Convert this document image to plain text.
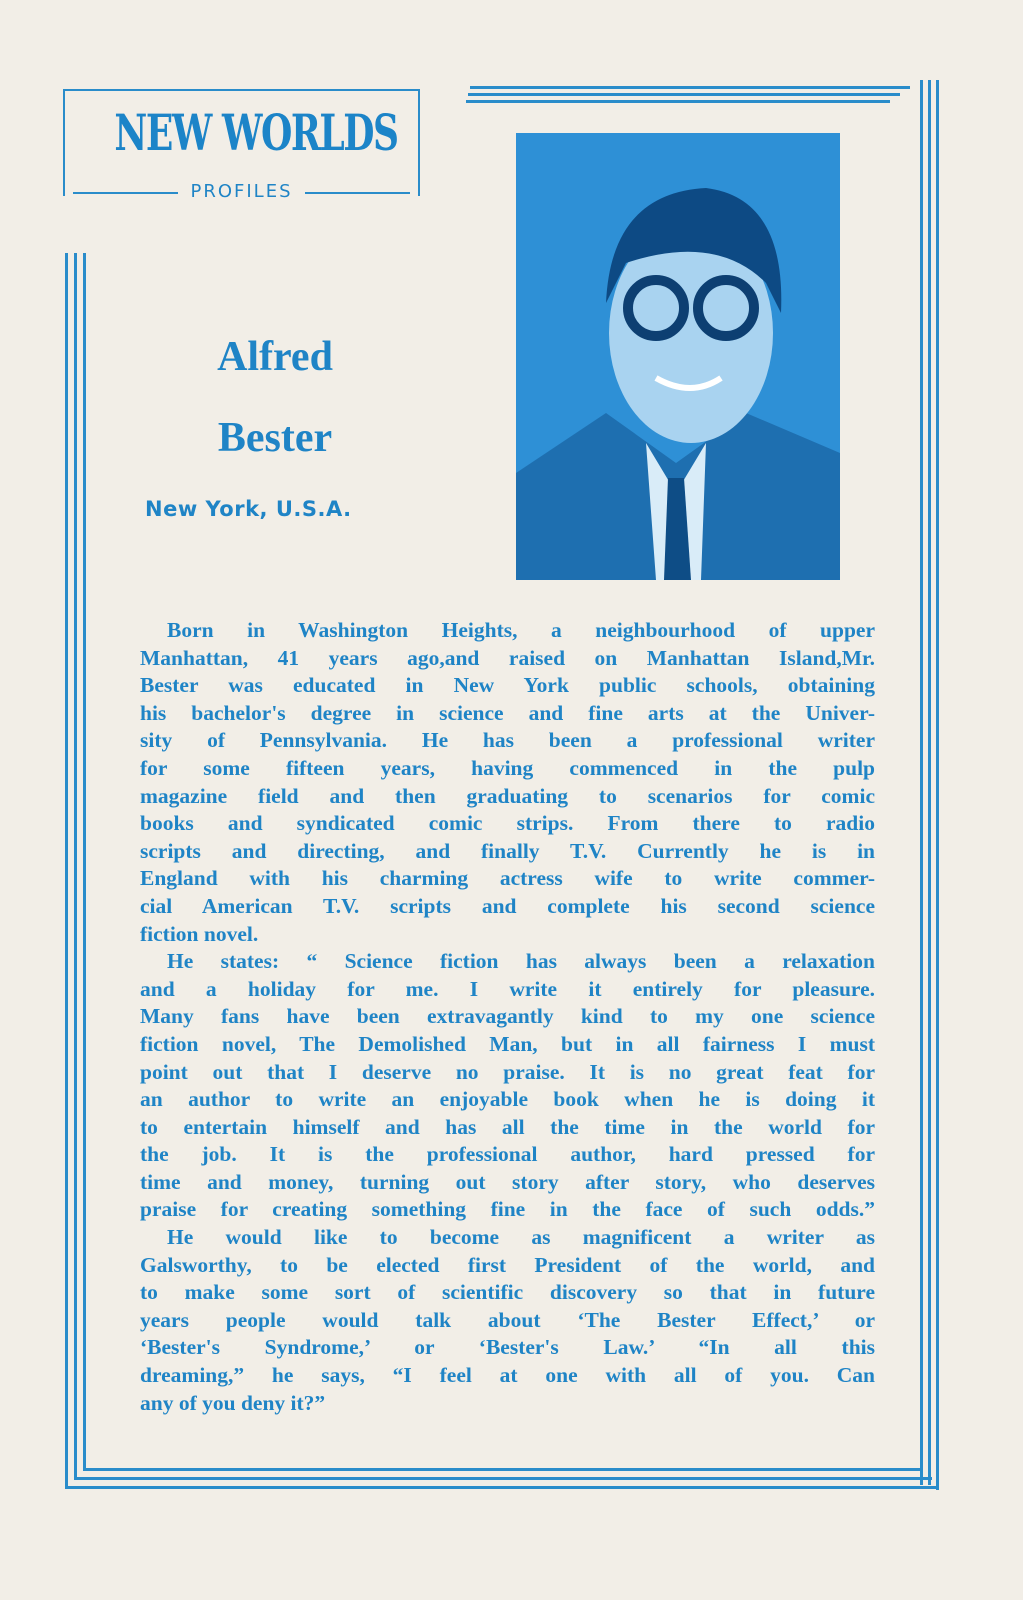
NEW WORLDS
PROFILES
Alfred
Bester
New York, U.S.A.
Born in Washington Heights, a neighbourhood of upper
Manhattan, 41 years ago,and raised on Manhattan Island,Mr.
Bester was educated in New York public schools, obtaining
his bachelor's degree in science and fine arts at the Univer-
sity of Pennsylvania. He has been a professional writer
for some fifteen years, having commenced in the pulp
magazine field and then graduating to scenarios for comic
books and syndicated comic strips. From there to radio
scripts and directing, and finally T.V. Currently he is in
England with his charming actress wife to write commer-
cial American T.V. scripts and complete his second science
fiction novel.
He states: “ Science fiction has always been a relaxation
and a holiday for me. I write it entirely for pleasure.
Many fans have been extravagantly kind to my one science
fiction novel, The Demolished Man, but in all fairness I must
point out that I deserve no praise. It is no great feat for
an author to write an enjoyable book when he is doing it
to entertain himself and has all the time in the world for
the job. It is the professional author, hard pressed for
time and money, turning out story after story, who deserves
praise for creating something fine in the face of such odds.”
He would like to become as magnificent a writer as
Galsworthy, to be elected first President of the world, and
to make some sort of scientific discovery so that in future
years people would talk about ‘The Bester Effect,’ or
‘Bester's Syndrome,’ or ‘Bester's Law.’ “In all this
dreaming,” he says, “I feel at one with all of you. Can
any of you deny it?”
